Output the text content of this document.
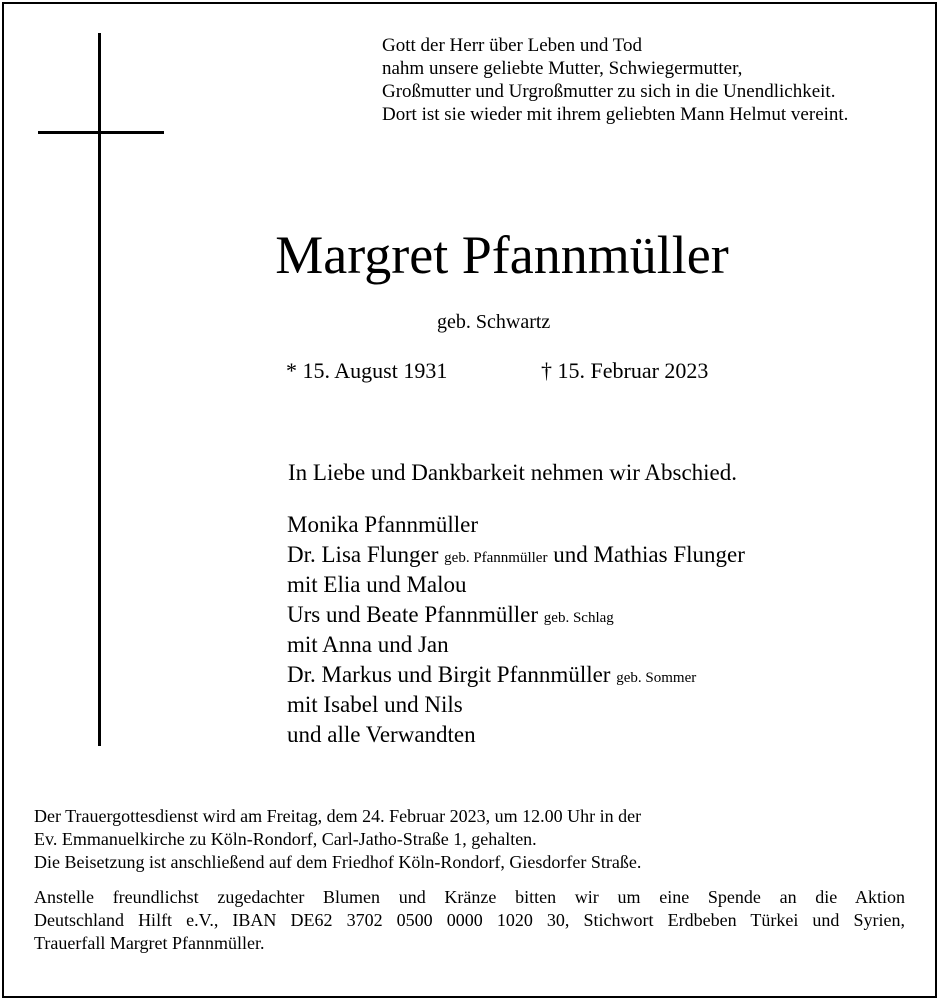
Gott der Herr über Leben und Tod
nahm unsere geliebte Mutter, Schwiegermutter,
Großmutter und Urgroßmutter zu sich in die Unendlichkeit.
Dort ist sie wieder mit ihrem geliebten Mann Helmut vereint.
Margret Pfannmüller
geb. Schwartz
* 15. August 1931	† 15. Februar 2023
In Liebe und Dankbarkeit nehmen wir Abschied.
Monika Pfannmüller
Dr. Lisa Flunger geb. Pfannmüller und Mathias Flunger
mit Elia und Malou
Urs und Beate Pfannmüller geb. Schlag
mit Anna und Jan
Dr. Markus und Birgit Pfannmüller geb. Sommer
mit Isabel und Nils
und alle Verwandten
Der Trauergottesdienst wird am Freitag, dem 24. Februar 2023, um 12.00 Uhr in der
Ev. Emmanuelkirche zu Köln-Rondorf, Carl-Jatho-Straße 1, gehalten.
Die Beisetzung ist anschließend auf dem Friedhof Köln-Rondorf, Giesdorfer Straße.
Anstelle freundlichst zugedachter Blumen und Kränze bitten wir um eine Spende an die Aktion
Deutschland Hilft e.V., IBAN DE62 3702 0500 0000 1020 30, Stichwort Erdbeben Türkei und Syrien,
Trauerfall Margret Pfannmüller.
